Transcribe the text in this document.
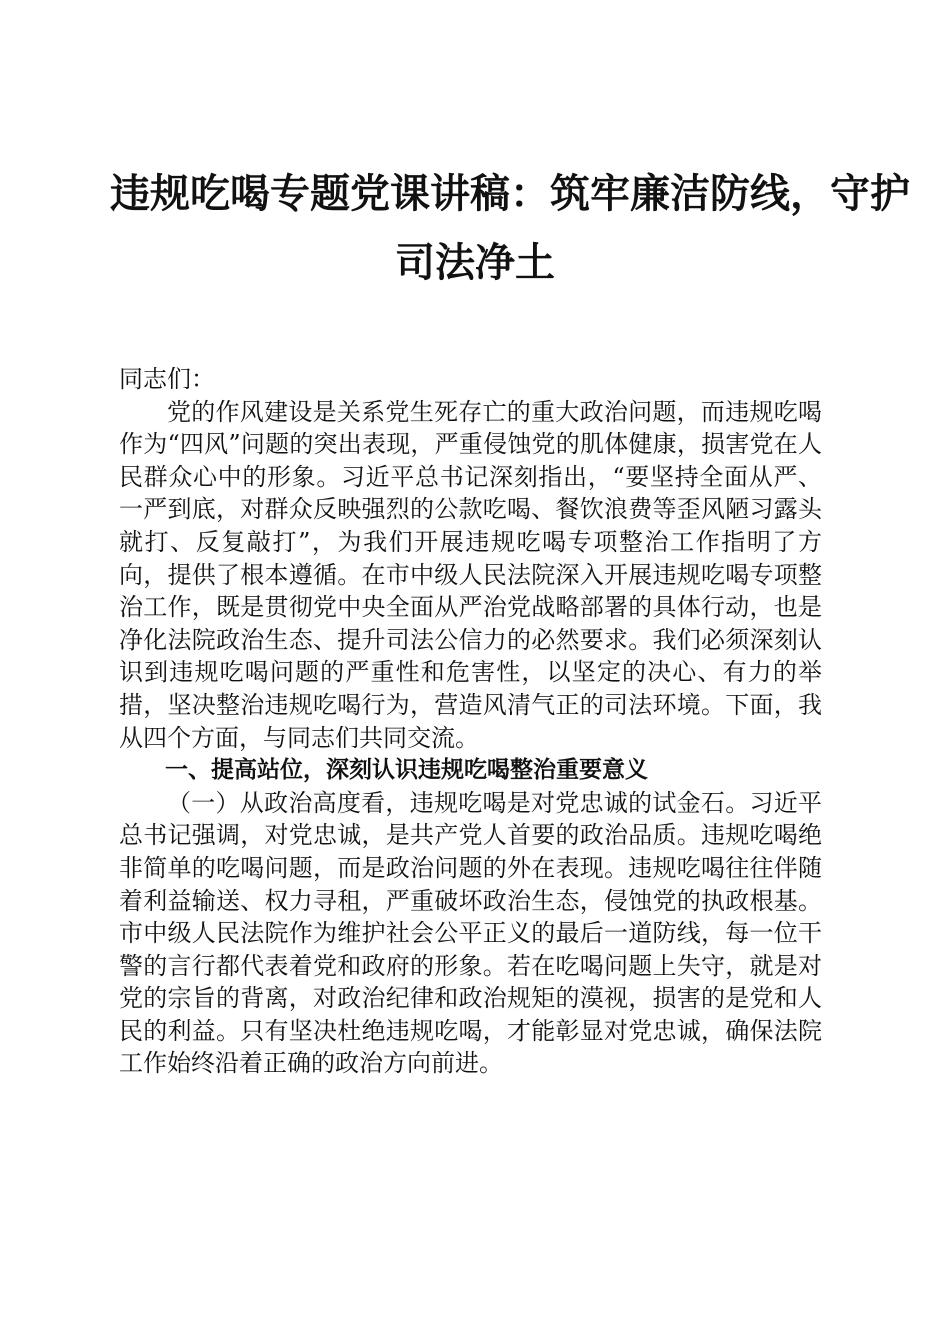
违规吃喝专题党课讲稿：筑牢廉洁防线，守护
司法净土

同志们：

党的作风建设是关系党生死存亡的重大政治问题，而违规吃喝作为“四风”问题的突出表现，严重侵蚀党的肌体健康，损害党在人民群众心中的形象。习近平总书记深刻指出，“要坚持全面从严、一严到底，对群众反映强烈的公款吃喝、餐饮浪费等歪风陋习露头就打、反复敲打”，为我们开展违规吃喝专项整治工作指明了方向，提供了根本遵循。在市中级人民法院深入开展违规吃喝专项整治工作，既是贯彻党中央全面从严治党战略部署的具体行动，也是净化法院政治生态、提升司法公信力的必然要求。我们必须深刻认识到违规吃喝问题的严重性和危害性，以坚定的决心、有力的举措，坚决整治违规吃喝行为，营造风清气正的司法环境。下面，我从四个方面，与同志们共同交流。

一、提高站位，深刻认识违规吃喝整治重要意义

（一）从政治高度看，违规吃喝是对党忠诚的试金石。习近平总书记强调，对党忠诚，是共产党人首要的政治品质。违规吃喝绝非简单的吃喝问题，而是政治问题的外在表现。违规吃喝往往伴随着利益输送、权力寻租，严重破坏政治生态，侵蚀党的执政根基。市中级人民法院作为维护社会公平正义的最后一道防线，每一位干警的言行都代表着党和政府的形象。若在吃喝问题上失守，就是对党的宗旨的背离，对政治纪律和政治规矩的漠视，损害的是党和人民的利益。只有坚决杜绝违规吃喝，才能彰显对党忠诚，确保法院工作始终沿着正确的政治方向前进。
